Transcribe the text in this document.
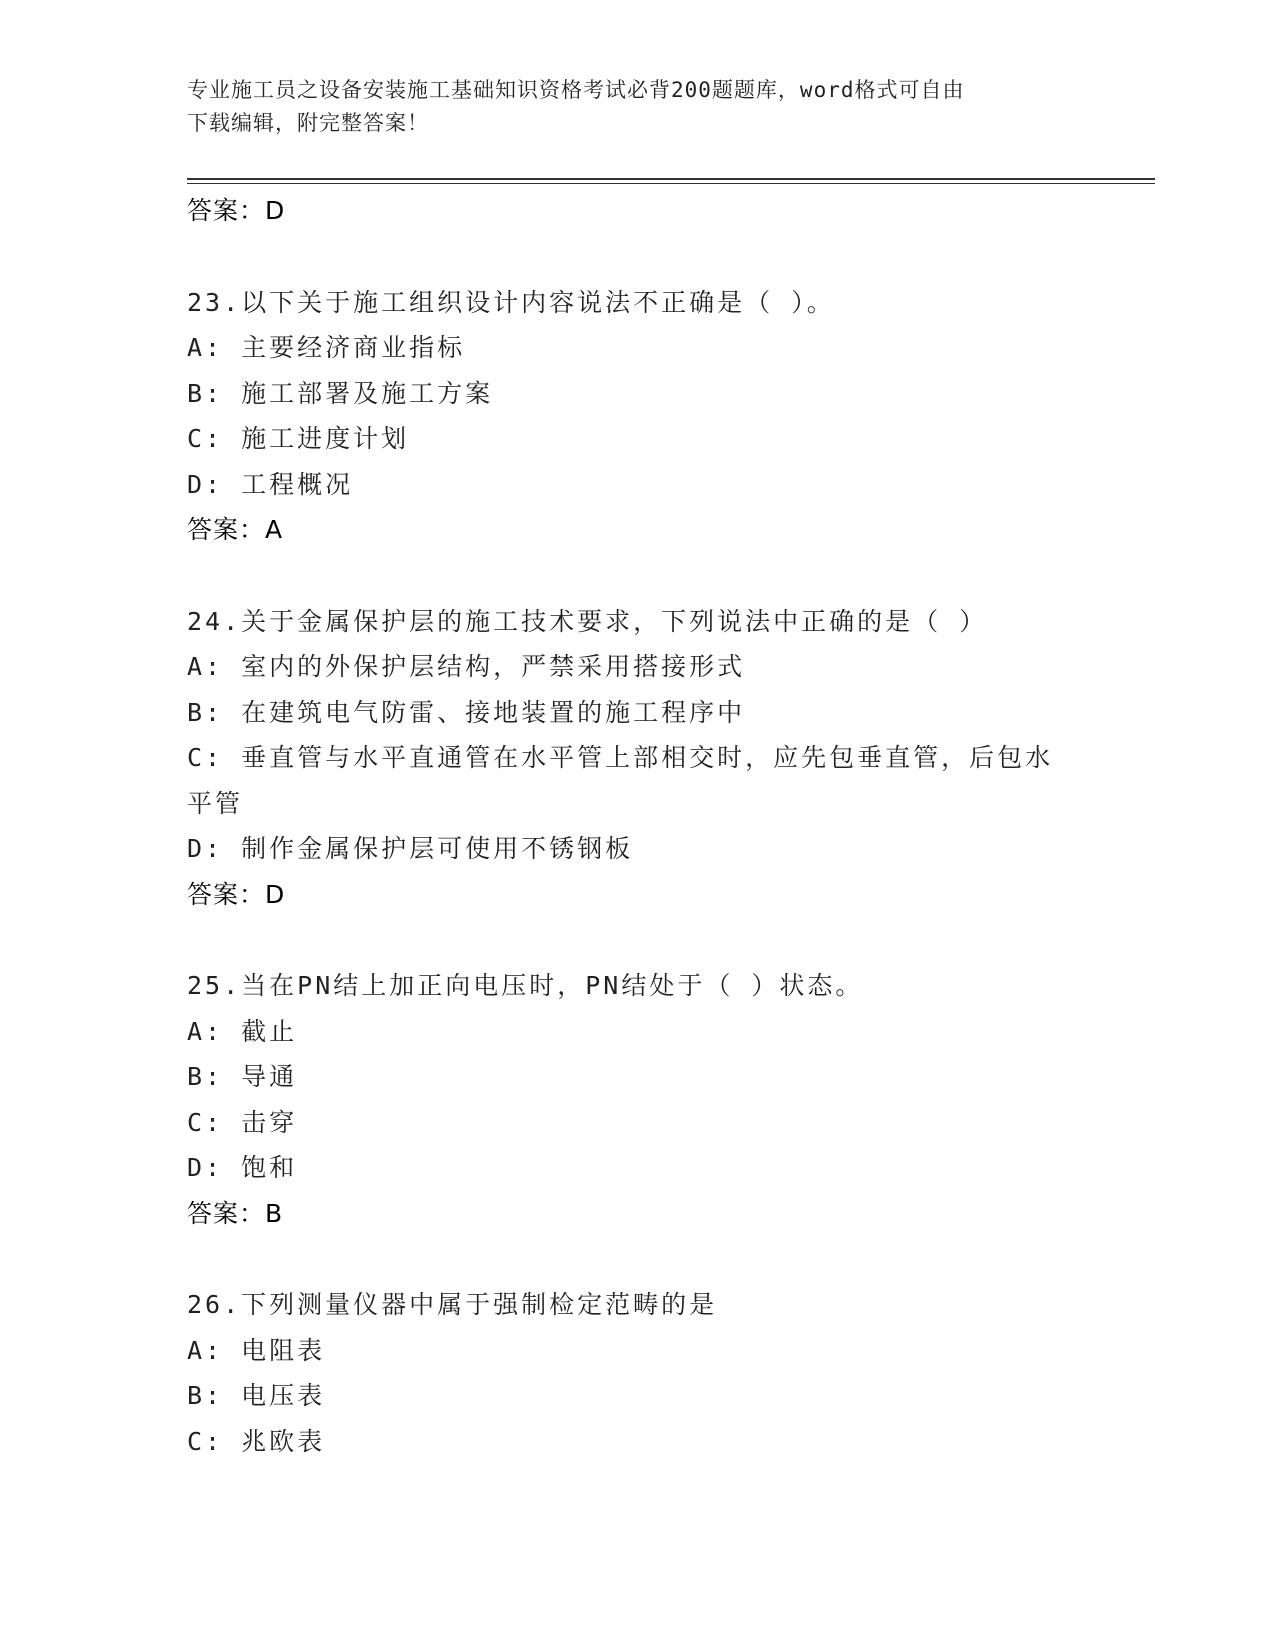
专业施工员之设备安装施工基础知识资格考试必背200题题库，word格式可自由
下载编辑，附完整答案！
答案：D
23.以下关于施工组织设计内容说法不正确是（ ）。
A: 主要经济商业指标
B: 施工部署及施工方案
C: 施工进度计划
D: 工程概况
答案：A
24.关于金属保护层的施工技术要求，下列说法中正确的是（ ）
A: 室内的外保护层结构，严禁采用搭接形式
B: 在建筑电气防雷、接地装置的施工程序中
C: 垂直管与水平直通管在水平管上部相交时，应先包垂直管，后包水
平管
D: 制作金属保护层可使用不锈钢板
答案：D
25.当在PN结上加正向电压时，PN结处于（ ）状态。
A: 截止
B: 导通
C: 击穿
D: 饱和
答案：B
26.下列测量仪器中属于强制检定范畴的是
A: 电阻表
B: 电压表
C: 兆欧表
